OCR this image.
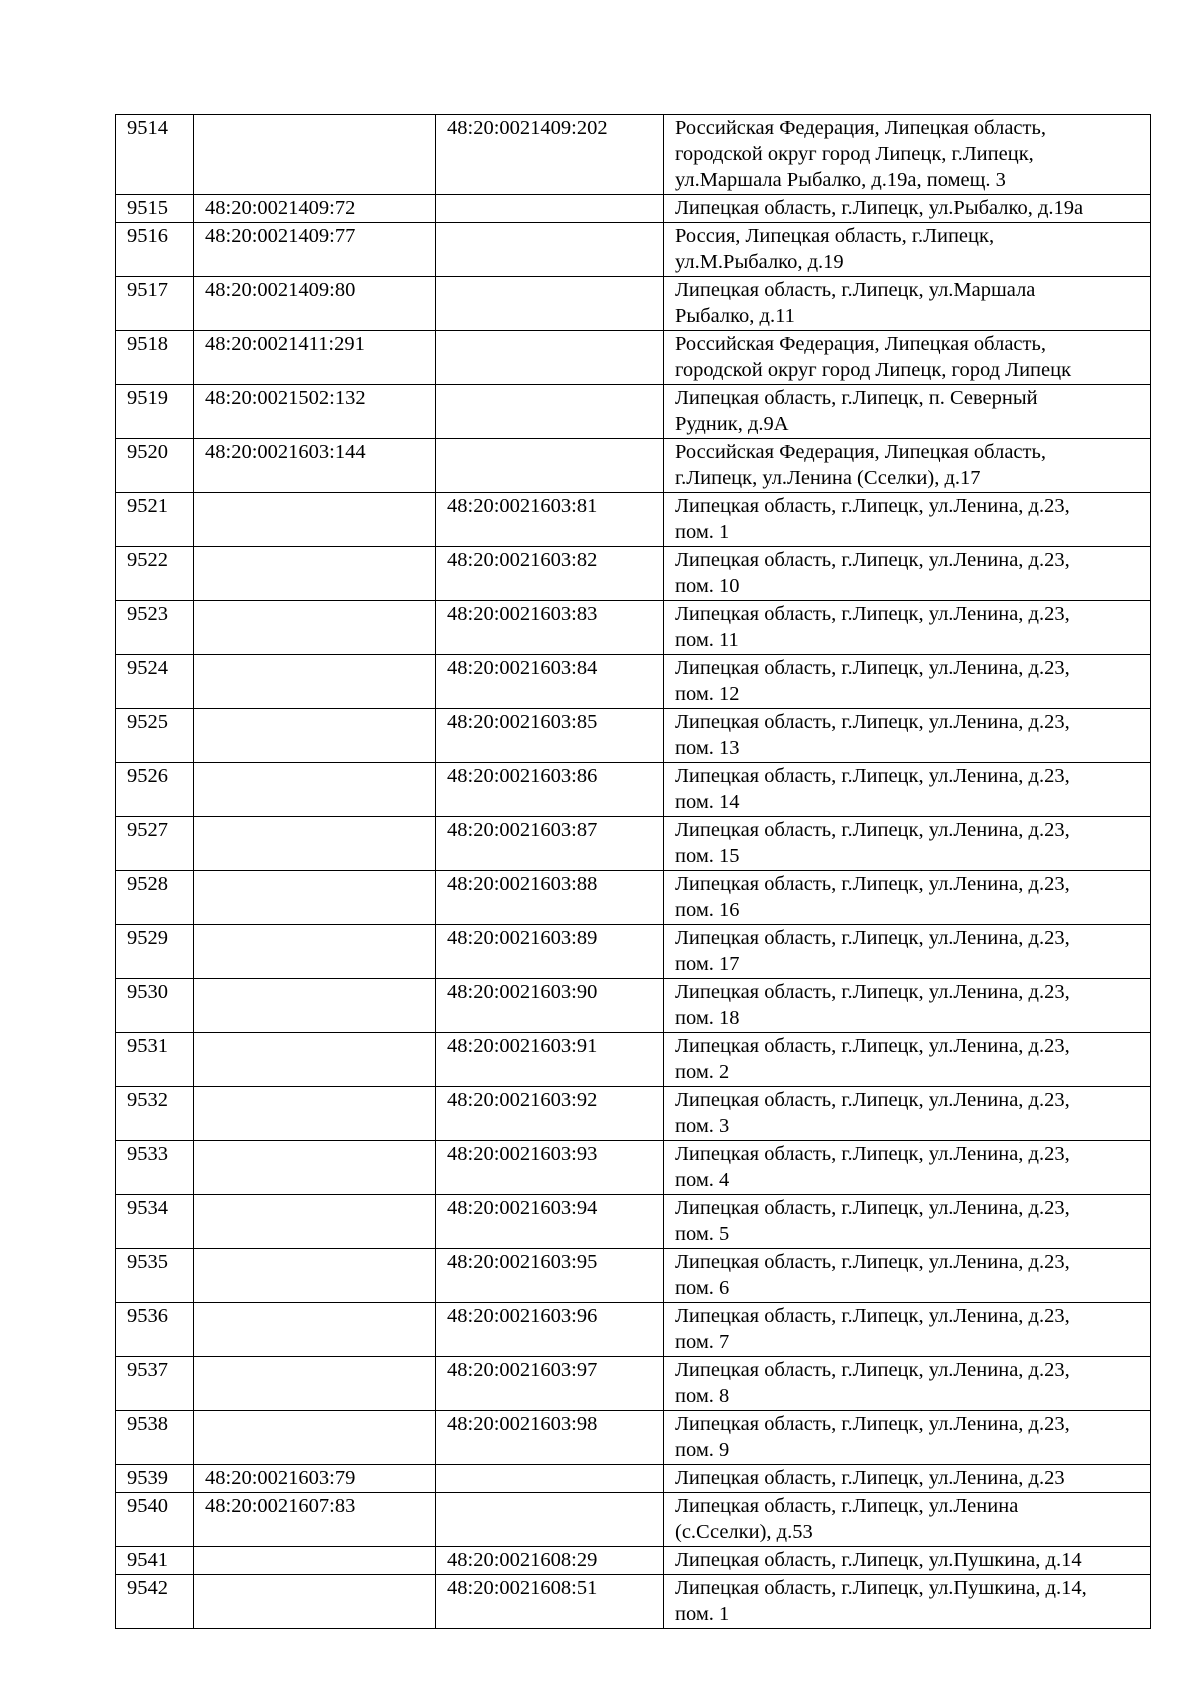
9514		48:20:0021409:202	Российская Федерация, Липецкая область,
городской округ город Липецк, г.Липецк,
ул.Маршала Рыбалко, д.19а, помещ. 3

9515	48:20:0021409:72		Липецкая область, г.Липецк, ул.Рыбалко, д.19а

9516	48:20:0021409:77		Россия, Липецкая область, г.Липецк,
ул.М.Рыбалко, д.19

9517	48:20:0021409:80		Липецкая область, г.Липецк, ул.Маршала
Рыбалко, д.11

9518	48:20:0021411:291		Российская Федерация, Липецкая область,
городской округ город Липецк, город Липецк

9519	48:20:0021502:132		Липецкая область, г.Липецк, п. Северный
Рудник, д.9А

9520	48:20:0021603:144		Российская Федерация, Липецкая область,
г.Липецк, ул.Ленина (Сселки), д.17

9521		48:20:0021603:81	Липецкая область, г.Липецк, ул.Ленина, д.23,
пом. 1

9522		48:20:0021603:82	Липецкая область, г.Липецк, ул.Ленина, д.23,
пом. 10

9523		48:20:0021603:83	Липецкая область, г.Липецк, ул.Ленина, д.23,
пом. 11

9524		48:20:0021603:84	Липецкая область, г.Липецк, ул.Ленина, д.23,
пом. 12

9525		48:20:0021603:85	Липецкая область, г.Липецк, ул.Ленина, д.23,
пом. 13

9526		48:20:0021603:86	Липецкая область, г.Липецк, ул.Ленина, д.23,
пом. 14

9527		48:20:0021603:87	Липецкая область, г.Липецк, ул.Ленина, д.23,
пом. 15

9528		48:20:0021603:88	Липецкая область, г.Липецк, ул.Ленина, д.23,
пом. 16

9529		48:20:0021603:89	Липецкая область, г.Липецк, ул.Ленина, д.23,
пом. 17

9530		48:20:0021603:90	Липецкая область, г.Липецк, ул.Ленина, д.23,
пом. 18

9531		48:20:0021603:91	Липецкая область, г.Липецк, ул.Ленина, д.23,
пом. 2

9532		48:20:0021603:92	Липецкая область, г.Липецк, ул.Ленина, д.23,
пом. 3

9533		48:20:0021603:93	Липецкая область, г.Липецк, ул.Ленина, д.23,
пом. 4

9534		48:20:0021603:94	Липецкая область, г.Липецк, ул.Ленина, д.23,
пом. 5

9535		48:20:0021603:95	Липецкая область, г.Липецк, ул.Ленина, д.23,
пом. 6

9536		48:20:0021603:96	Липецкая область, г.Липецк, ул.Ленина, д.23,
пом. 7

9537		48:20:0021603:97	Липецкая область, г.Липецк, ул.Ленина, д.23,
пом. 8

9538		48:20:0021603:98	Липецкая область, г.Липецк, ул.Ленина, д.23,
пом. 9

9539	48:20:0021603:79		Липецкая область, г.Липецк, ул.Ленина, д.23

9540	48:20:0021607:83		Липецкая область, г.Липецк, ул.Ленина
(с.Сселки), д.53

9541		48:20:0021608:29	Липецкая область, г.Липецк, ул.Пушкина, д.14

9542		48:20:0021608:51	Липецкая область, г.Липецк, ул.Пушкина, д.14,
пом. 1
